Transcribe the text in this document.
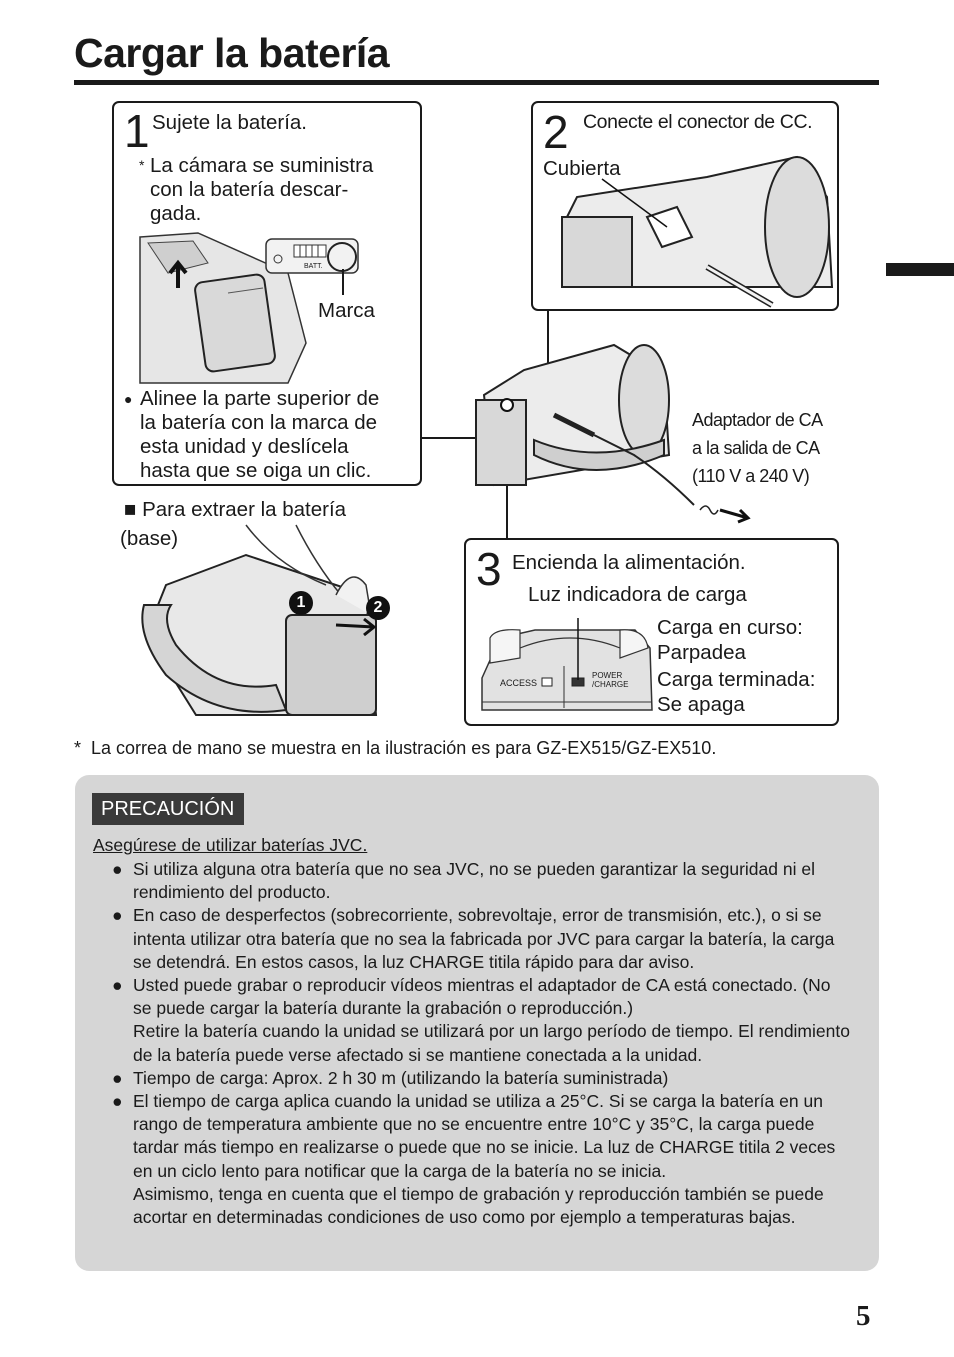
Cargar la batería
1 Sujete la batería.
* La cámara se suministra
con la batería descar-
gada.
BATT.
Marca
● Alinee la parte superior de
la batería con la marca de
esta unidad y deslícela
hasta que se oiga un clic.
■ Para extraer la batería
(base)
1	2
2 Conecte el conector de CC.
Cubierta
Adaptador de CA
a la salida de CA
(110 V a 240 V)
3 Encienda la alimentación.
Luz indicadora de carga
ACCESS
POWER
/CHARGE
Carga en curso:
Parpadea
Carga terminada:
Se apaga
* La correa de mano se muestra en la ilustración es para GZ-EX515/GZ-EX510.
PRECAUCIÓN
Asegúrese de utilizar baterías JVC.
● Si utiliza alguna otra batería que no sea JVC, no se pueden garantizar la seguridad ni el rendimiento del producto.
● En caso de desperfectos (sobrecorriente, sobrevoltaje, error de transmisión, etc.), o si se intenta utilizar otra batería que no sea la fabricada por JVC para cargar la batería, la carga se detendrá. En estos casos, la luz CHARGE titila rápido para dar aviso.
● Usted puede grabar o reproducir vídeos mientras el adaptador de CA está conectado. (No se puede cargar la batería durante la grabación o reproducción.)
Retire la batería cuando la unidad se utilizará por un largo período de tiempo. El rendimiento de la batería puede verse afectado si se mantiene conectada a la unidad.
● Tiempo de carga: Aprox. 2 h 30 m (utilizando la batería suministrada)
● El tiempo de carga aplica cuando la unidad se utiliza a 25°C. Si se carga la batería en un rango de temperatura ambiente que no se encuentre entre 10°C y 35°C, la carga puede tardar más tiempo en realizarse o puede que no se inicie. La luz de CHARGE titila 2 veces en un ciclo lento para notificar que la carga de la batería no se inicia.
Asimismo, tenga en cuenta que el tiempo de grabación y reproducción también se puede acortar en determinadas condiciones de uso como por ejemplo a temperaturas bajas.
5
